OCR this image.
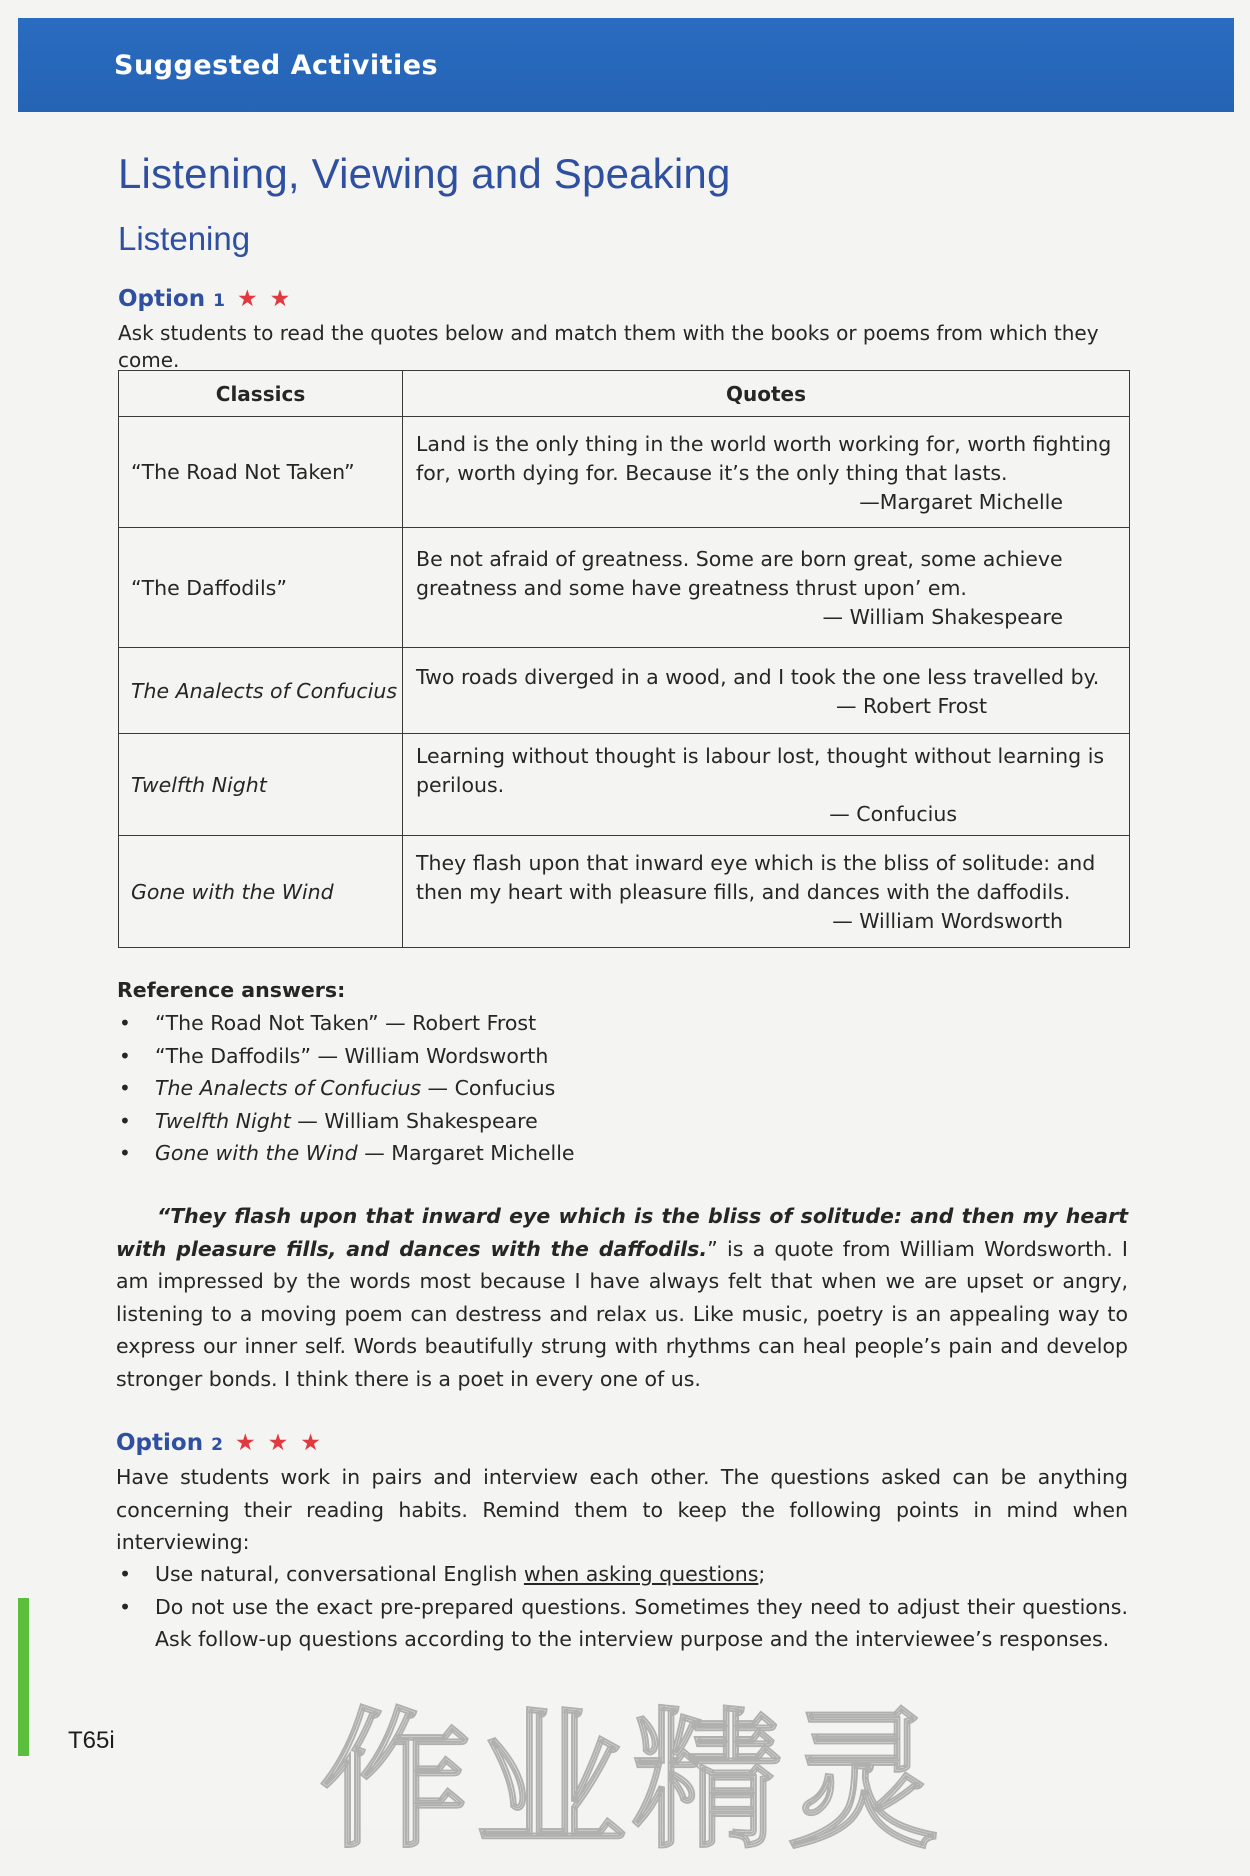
Suggested Activities
Listening, Viewing and Speaking
Listening
Option 1 ★ ★
Ask students to read the quotes below and match them with the books or poems from which they come.
Classics	Quotes
“The Road Not Taken”	Land is the only thing in the world worth working for, worth fighting for, worth dying for. Because it’s the only thing that lasts.
—Margaret Michelle

“The Daffodils”	Be not afraid of greatness. Some are born great, some achieve greatness and some have greatness thrust upon’ em.
— William Shakespeare

The Analects of Confucius	Two roads diverged in a wood, and I took the one less travelled by.
— Robert Frost

Twelfth Night	Learning without thought is labour lost, thought without learning is perilous.
— Confucius

Gone with the Wind	They flash upon that inward eye which is the bliss of solitude: and then my heart with pleasure fills, and dances with the daffodils.
— William Wordsworth
Reference answers:
• “The Road Not Taken” — Robert Frost
• “The Daffodils” — William Wordsworth
• The Analects of Confucius — Confucius
• Twelfth Night — William Shakespeare
• Gone with the Wind — Margaret Michelle
“They flash upon that inward eye which is the bliss of solitude: and then my heart with pleasure fills, and dances with the daffodils.” is a quote from William Wordsworth. I am impressed by the words most because I have always felt that when we are upset or angry, listening to a moving poem can destress and relax us. Like music, poetry is an appealing way to express our inner self. Words beautifully strung with rhythms can heal people’s pain and develop stronger bonds. I think there is a poet in every one of us.
Option 2 ★ ★ ★
Have students work in pairs and interview each other. The questions asked can be anything concerning their reading habits. Remind them to keep the following points in mind when interviewing:
• Use natural, conversational English when asking questions;
• Do not use the exact pre-prepared questions. Sometimes they need to adjust their questions. Ask follow-up questions according to the interview purpose and the interviewee’s responses.
T65i 作业精灵
